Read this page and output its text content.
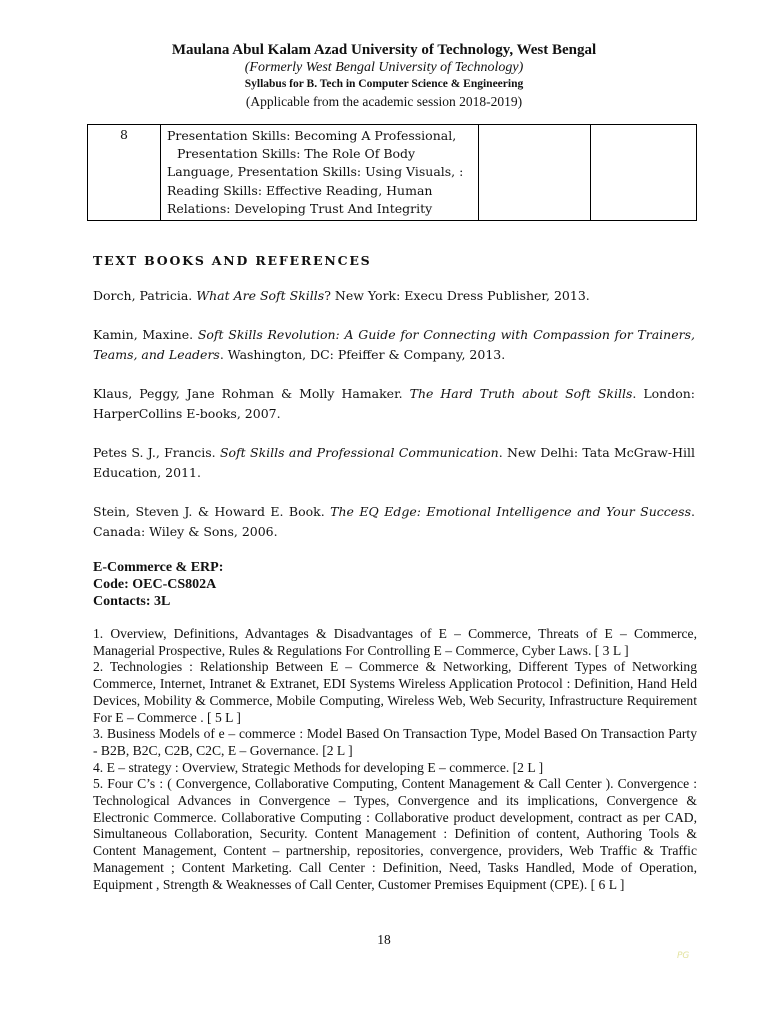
Maulana Abul Kalam Azad University of Technology, West Bengal
(Formerly West Bengal University of Technology)
Syllabus for B. Tech in Computer Science & Engineering
(Applicable from the academic session 2018-2019)
8	Presentation Skills: Becoming A Professional,
Presentation Skills: The Role Of Body
Language, Presentation Skills: Using Visuals, :
Reading Skills: Effective Reading, Human
Relations: Developing Trust And Integrity

TEXT BOOKS AND REFERENCES
Dorch, Patricia. What Are Soft Skills? New York: Execu Dress Publisher, 2013.
Kamin, Maxine. Soft Skills Revolution: A Guide for Connecting with Compassion for Trainers, Teams, and Leaders. Washington, DC: Pfeiffer & Company, 2013.
Klaus, Peggy, Jane Rohman & Molly Hamaker. The Hard Truth about Soft Skills. London: HarperCollins E-books, 2007.
Petes S. J., Francis. Soft Skills and Professional Communication. New Delhi: Tata McGraw-Hill Education, 2011.
Stein, Steven J. & Howard E. Book. The EQ Edge: Emotional Intelligence and Your Success. Canada: Wiley & Sons, 2006.
E-Commerce & ERP:
Code: OEC-CS802A
Contacts: 3L

1. Overview, Definitions, Advantages & Disadvantages of E – Commerce, Threats of E – Commerce, Managerial Prospective, Rules & Regulations For Controlling E – Commerce, Cyber Laws. [ 3 L ]

2. Technologies : Relationship Between E – Commerce & Networking, Different Types of Networking Commerce, Internet, Intranet & Extranet, EDI Systems Wireless Application Protocol : Definition, Hand Held Devices, Mobility & Commerce, Mobile Computing, Wireless Web, Web Security, Infrastructure Requirement For E – Commerce . [ 5 L ]

3. Business Models of e – commerce : Model Based On Transaction Type, Model Based On Transaction Party - B2B, B2C, C2B, C2C, E – Governance. [2 L ]

4. E – strategy : Overview, Strategic Methods for developing E – commerce. [2 L ]

5. Four C’s : ( Convergence, Collaborative Computing, Content Management & Call Center ). Convergence : Technological Advances in Convergence – Types, Convergence and its implications, Convergence & Electronic Commerce. Collaborative Computing : Collaborative product development, contract as per CAD, Simultaneous Collaboration, Security. Content Management : Definition of content, Authoring Tools & Content Management, Content – partnership, repositories, convergence, providers, Web Traffic & Traffic Management ; Content Marketing. Call Center : Definition, Need, Tasks Handled, Mode of Operation, Equipment , Strength & Weaknesses of Call Center, Customer Premises Equipment (CPE). [ 6 L ]

18
PG
